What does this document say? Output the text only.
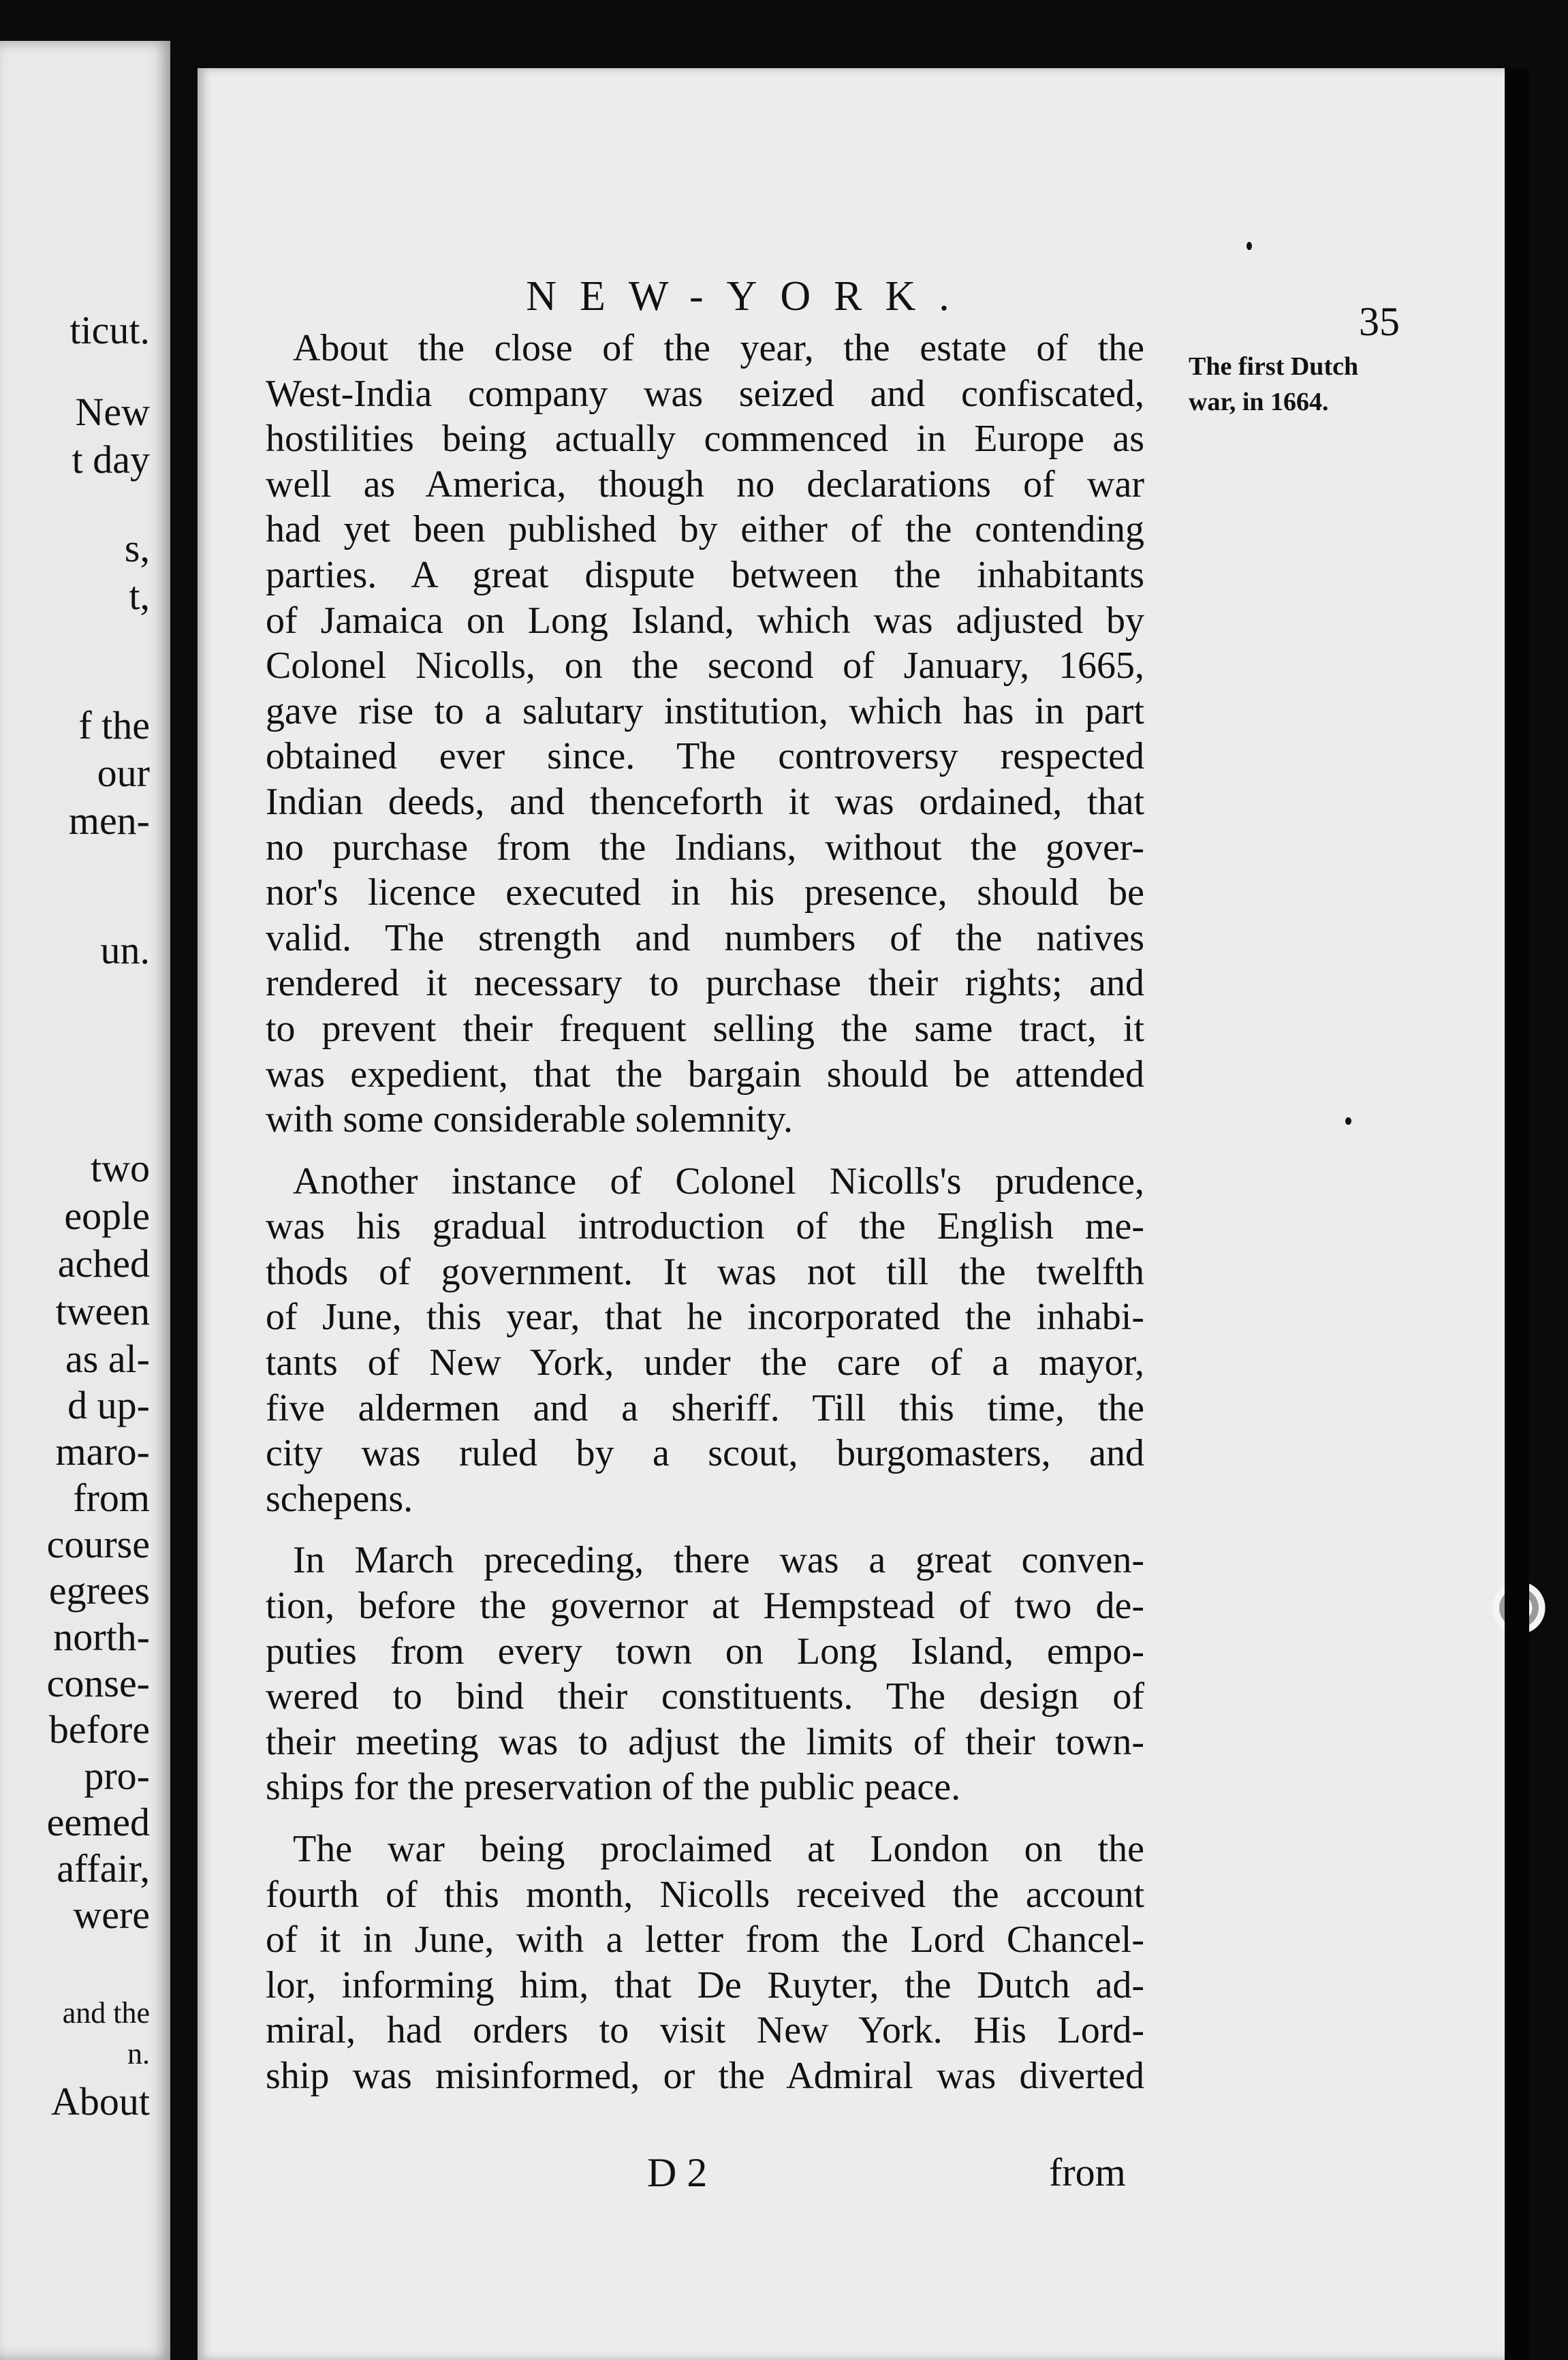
ticut.
New
t day
s,
t,
f the
our
men-
un.
two
eople
ached
tween
as al-
d up-
maro-
from
course
egrees
north-
conse-
before
pro-
eemed
affair,
were
and the
n.
About
NEW-YORK.
35
The first Dutch
war, in 1664.
About the close of the year, the estate of the
West-India company was seized and confiscated,
hostilities being actually commenced in Europe as
well as America, though no declarations of war
had yet been published by either of the contending
parties. A great dispute between the inhabitants
of Jamaica on Long Island, which was adjusted by
Colonel Nicolls, on the second of January, 1665,
gave rise to a salutary institution, which has in part
obtained ever since. The controversy respected
Indian deeds, and thenceforth it was ordained, that
no purchase from the Indians, without the gover-
nor's licence executed in his presence, should be
valid. The strength and numbers of the natives
rendered it necessary to purchase their rights; and
to prevent their frequent selling the same tract, it
was expedient, that the bargain should be attended
with some considerable solemnity.
Another instance of Colonel Nicolls's prudence,
was his gradual introduction of the English me-
thods of government. It was not till the twelfth
of June, this year, that he incorporated the inhabi-
tants of New York, under the care of a mayor,
five aldermen and a sheriff. Till this time, the
city was ruled by a scout, burgomasters, and
schepens.
In March preceding, there was a great conven-
tion, before the governor at Hempstead of two de-
puties from every town on Long Island, empo-
wered to bind their constituents. The design of
their meeting was to adjust the limits of their town-
ships for the preservation of the public peace.
The war being proclaimed at London on the
fourth of this month, Nicolls received the account
of it in June, with a letter from the Lord Chancel-
lor, informing him, that De Ruyter, the Dutch ad-
miral, had orders to visit New York. His Lord-
ship was misinformed, or the Admiral was diverted
D 2	from
